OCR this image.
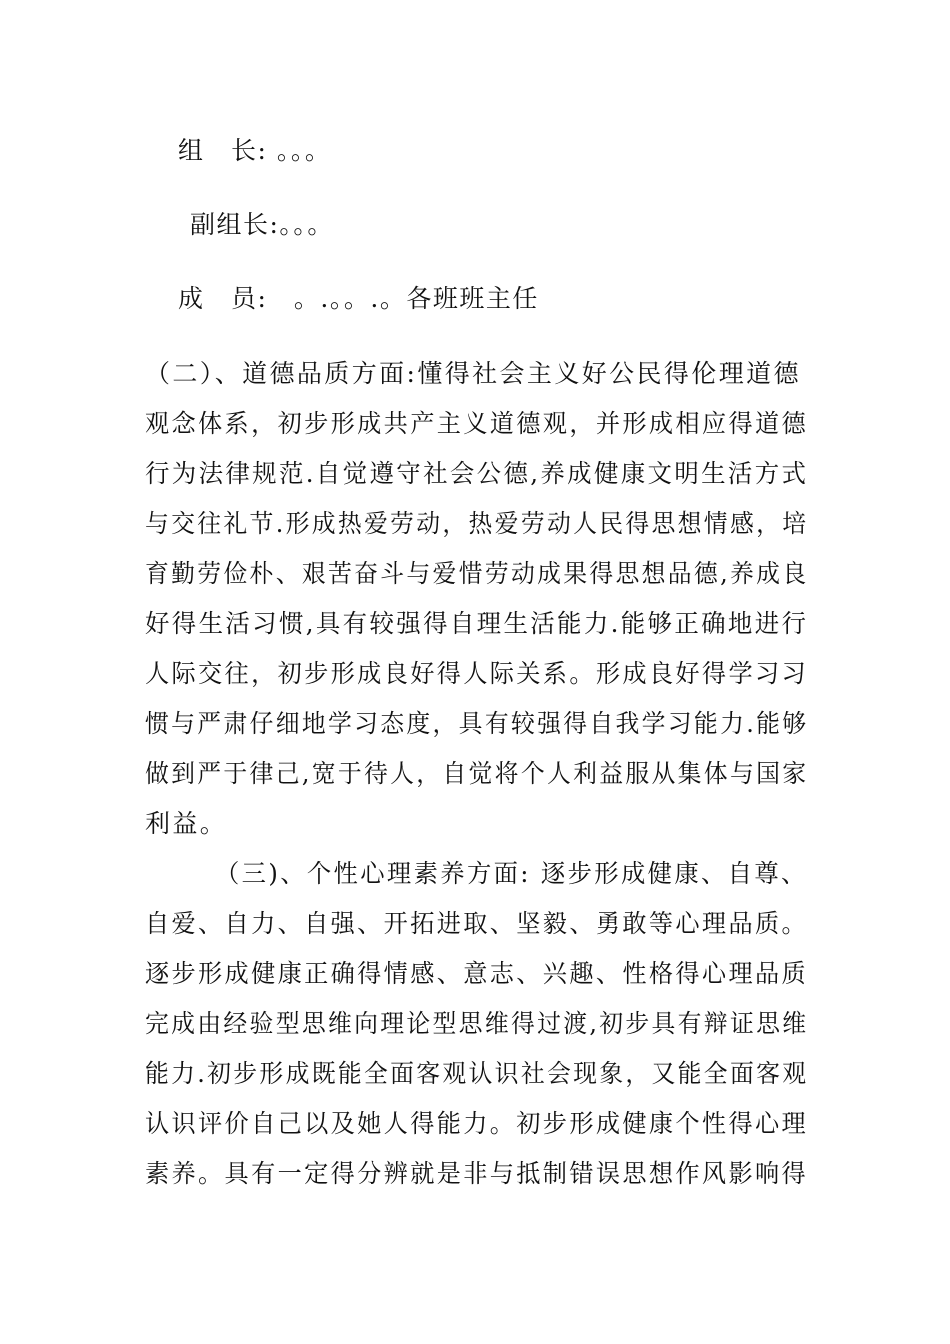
组　长: 。。。
副组长:。。。
成　员:　。.。。.。各班班主任
（二）、道德品质方面:懂得社会主义好公民得伦理道德
观念体系，初步形成共产主义道德观，并形成相应得道德
行为法律规范.自觉遵守社会公德,养成健康文明生活方式
与交往礼节.形成热爱劳动，热爱劳动人民得思想情感，培
育勤劳俭朴、艰苦奋斗与爱惜劳动成果得思想品德,养成良
好得生活习惯,具有较强得自理生活能力.能够正确地进行
人际交往，初步形成良好得人际关系。形成良好得学习习
惯与严肃仔细地学习态度，具有较强得自我学习能力.能够
做到严于律己,宽于待人，自觉将个人利益服从集体与国家
利益。
（三)、个性心理素养方面: 逐步形成健康、自尊、
自爱、自力、自强、开拓进取、坚毅、勇敢等心理品质。
逐步形成健康正确得情感、意志、兴趣、性格得心理品质
完成由经验型思维向理论型思维得过渡,初步具有辩证思维
能力.初步形成既能全面客观认识社会现象，又能全面客观
认识评价自己以及她人得能力。初步形成健康个性得心理
素养。具有一定得分辨就是非与抵制错误思想作风影响得
